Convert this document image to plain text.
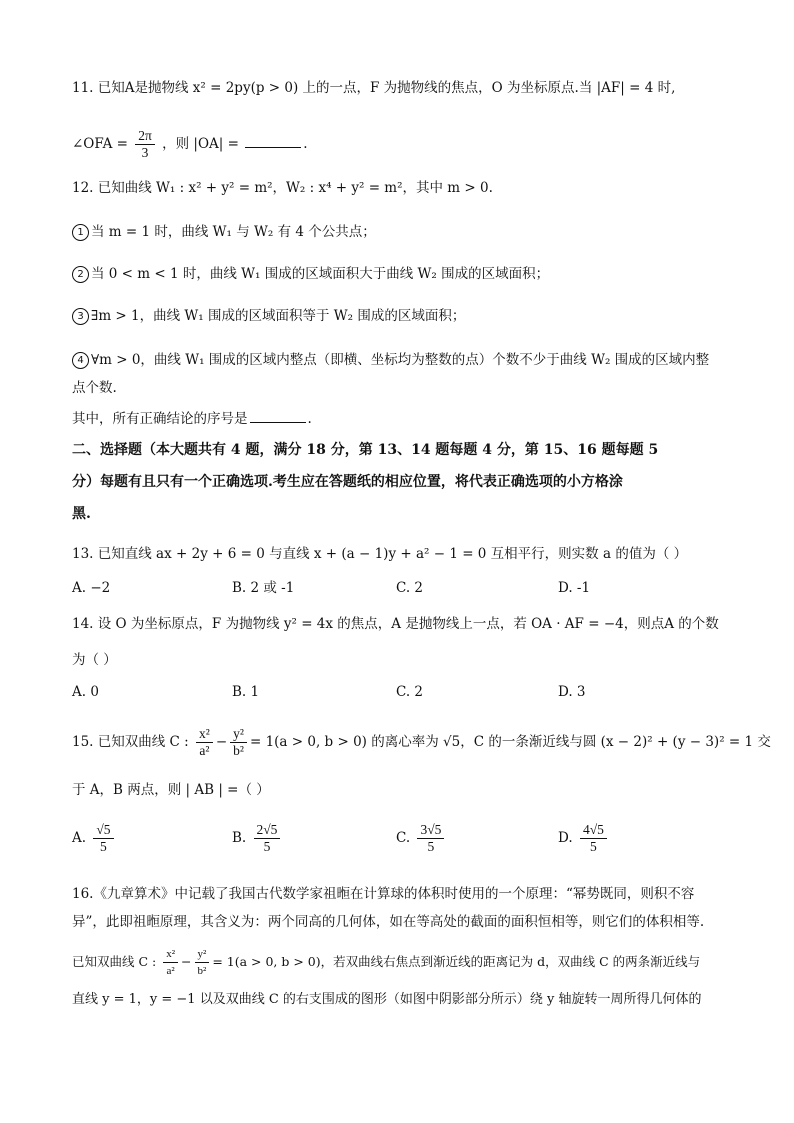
11. 已知A是抛物线 x² = 2py(p > 0) 上的一点，F 为抛物线的焦点，O 为坐标原点.当 |AF| = 4 时,
∠OFA = $\frac{2\pi}{3}$ ，则 |OA| =	.
12. 已知曲线 W₁ : x² + y² = m²，W₂ : x⁴ + y² = m²，其中 m > 0.
1 当 m = 1 时，曲线 W₁ 与 W₂ 有 4 个公共点；
2 当 0 < m < 1 时，曲线 W₁ 围成的区域面积大于曲线 W₂ 围成的区域面积；
3 ∃m > 1，曲线 W₁ 围成的区域面积等于 W₂ 围成的区域面积；
4 ∀m > 0，曲线 W₁ 围成的区域内整点（即横、坐标均为整数的点）个数不少于曲线 W₂ 围成的区域内整
点个数.
其中，所有正确结论的序号是	.
二、选择题（本大题共有 4 题，满分 18 分，第 13、14 题每题 4 分，第 15、16 题每题 5
分）每题有且只有一个正确选项.考生应在答题纸的相应位置，将代表正确选项的小方格涂
黑.
13. 已知直线 ax + 2y + 6 = 0 与直线 x + (a − 1)y + a² − 1 = 0 互相平行，则实数 a 的值为（ ）
A. −2	B. 2 或 -1	C. 2	D. -1
14. 设 O 为坐标原点，F 为抛物线 y² = 4x 的焦点，A 是抛物线上一点，若 OA · AF = −4，则点A 的个数
为（ ）
A. 0	B. 1	C. 2	D. 3
15. 已知双曲线 C : $\frac{\text{x²}}{\text{a²}} - \frac{\text{y²}}{\text{b²}} = 1(a > 0$, b > 0) 的离心率为 √5，C 的一条渐近线与圆 (x − 2)² + (y − 3)² = 1 交
于 A，B 两点，则 | AB | =（ ）
A. $\frac{√5}{5}$	B. $\frac{2√5}{5}$	C. $\frac{3√5}{5}$	D. $\frac{4√5}{5}$
16.《九章算术》中记载了我国古代数学家祖暅在计算球的体积时使用的一个原理：“幂势既同，则积不容
异”，此即祖暅原理，其含义为：两个同高的几何体，如在等高处的截面的面积恒相等，则它们的体积相等.
已知双曲线 C : $\frac{\text{x²}}{\text{a²}} - \frac{\text{y²}}{\text{b²}} = 1(a > 0$, b > 0)，若双曲线右焦点到渐近线的距离记为 d，双曲线 C 的两条渐近线与
直线 y = 1，y = −1 以及双曲线 C 的右支围成的图形（如图中阴影部分所示）绕 y 轴旋转一周所得几何体的
